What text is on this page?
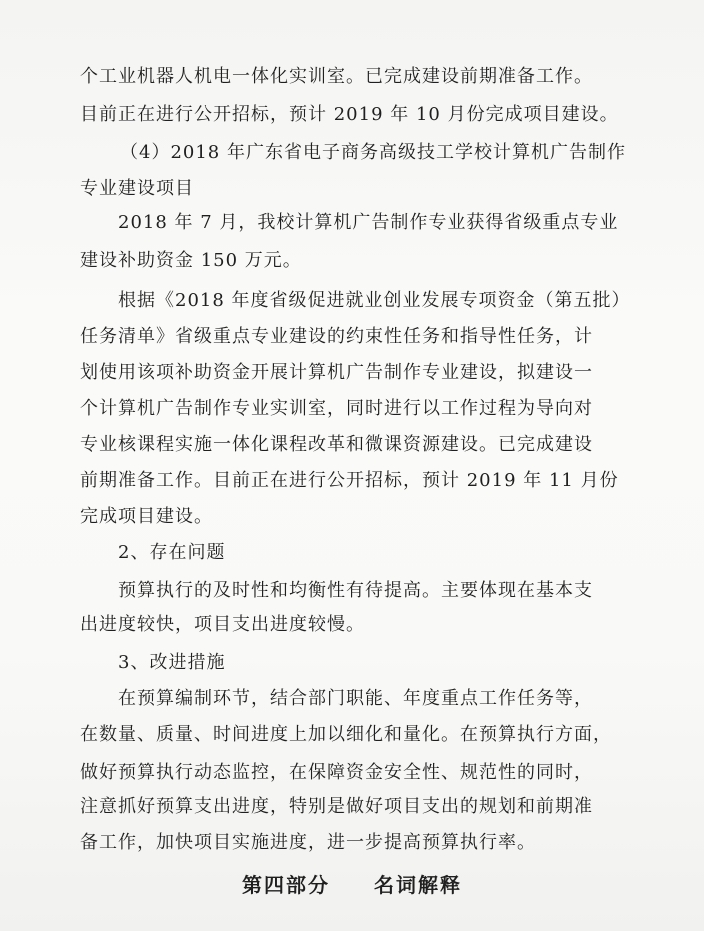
个工业机器人机电一体化实训室。已完成建设前期准备工作。
目前正在进行公开招标，预计 2019 年 10 月份完成项目建设。
（4）2018 年广东省电子商务高级技工学校计算机广告制作
专业建设项目
2018 年 7 月，我校计算机广告制作专业获得省级重点专业
建设补助资金 150 万元。
根据《2018 年度省级促进就业创业发展专项资金（第五批）
任务清单》省级重点专业建设的约束性任务和指导性任务，计
划使用该项补助资金开展计算机广告制作专业建设，拟建设一
个计算机广告制作专业实训室，同时进行以工作过程为导向对
专业核课程实施一体化课程改革和微课资源建设。已完成建设
前期准备工作。目前正在进行公开招标，预计 2019 年 11 月份
完成项目建设。
2、存在问题
预算执行的及时性和均衡性有待提高。主要体现在基本支
出进度较快，项目支出进度较慢。
3、改进措施
在预算编制环节，结合部门职能、年度重点工作任务等，
在数量、质量、时间进度上加以细化和量化。在预算执行方面，
做好预算执行动态监控，在保障资金安全性、规范性的同时，
注意抓好预算支出进度，特别是做好项目支出的规划和前期准
备工作，加快项目实施进度，进一步提高预算执行率。
第四部分 名词解释
